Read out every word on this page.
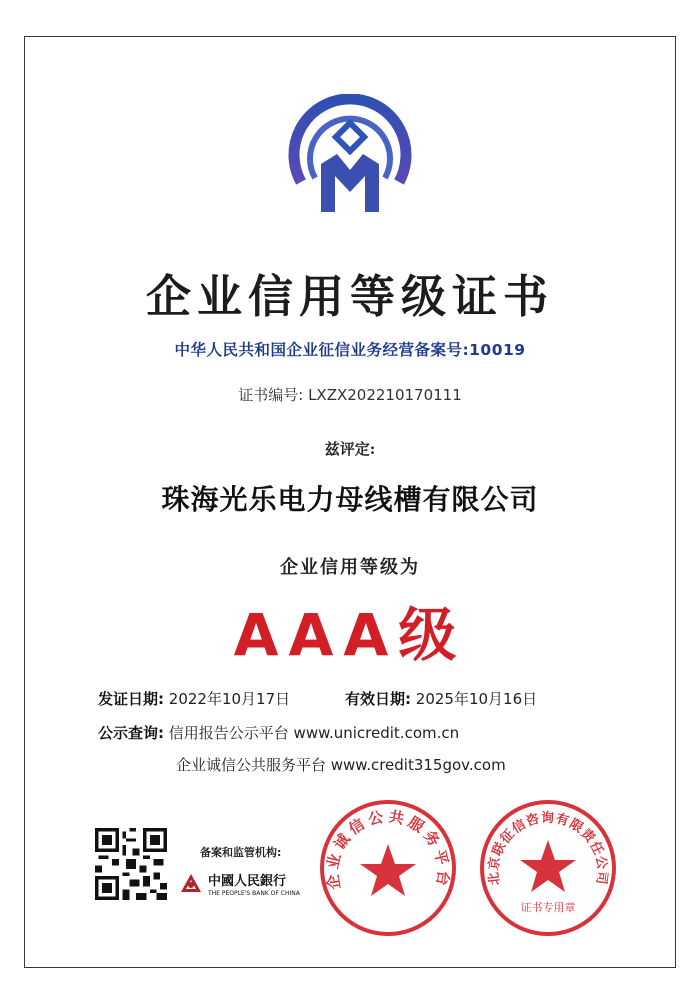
企业信用等级证书
中华人民共和国企业征信业务经营备案号:10019
证书编号: LXZX202210170111
兹评定:
珠海光乐电力母线槽有限公司
企业信用等级为
AAA级
发证日期: 2022年10月17日	有效日期: 2025年10月16日
公示查询: 信用报告公示平台 www.unicredit.com.cn
企业诚信公共服务平台 www.credit315gov.com
备案和监管机构:
中國人民銀行
THE PEOPLE'S BANK OF CHINA
企业诚信公共服务平台	北京联征信咨询有限责任公司
证书专用章
